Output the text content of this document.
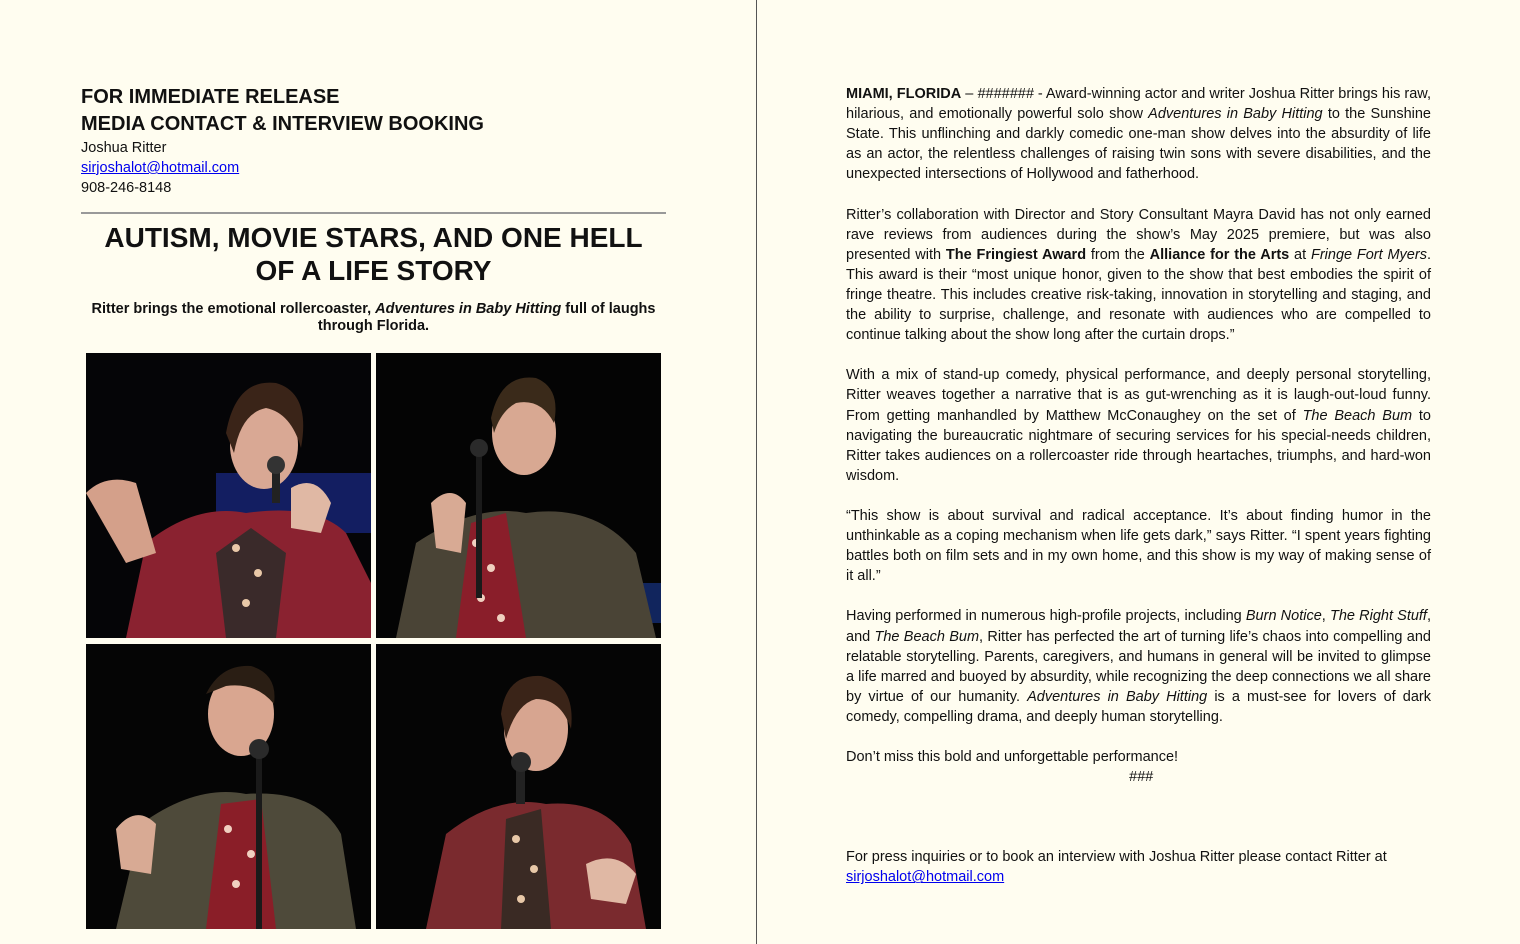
FOR IMMEDIATE RELEASE
MEDIA CONTACT & INTERVIEW BOOKING
Joshua Ritter
sirjoshalot@hotmail.com
908-246-8148
AUTISM, MOVIE STARS, AND ONE HELL OF A LIFE STORY
Ritter brings the emotional rollercoaster, Adventures in Baby Hitting full of laughs through Florida.

MIAMI, FLORIDA – ####### - Award-winning actor and writer Joshua Ritter brings his raw, hilarious, and emotionally powerful solo show Adventures in Baby Hitting to the Sunshine State. This unflinching and darkly comedic one-man show delves into the absurdity of life as an actor, the relentless challenges of raising twin sons with severe disabilities, and the unexpected intersections of Hollywood and fatherhood.

Ritter’s collaboration with Director and Story Consultant Mayra David has not only earned rave reviews from audiences during the show’s May 2025 premiere, but was also presented with The Fringiest Award from the Alliance for the Arts at Fringe Fort Myers. This award is their “most unique honor, given to the show that best embodies the spirit of fringe theatre. This includes creative risk-taking, innovation in storytelling and staging, and the ability to surprise, challenge, and resonate with audiences who are compelled to continue talking about the show long after the curtain drops.”

With a mix of stand-up comedy, physical performance, and deeply personal storytelling, Ritter weaves together a narrative that is as gut-wrenching as it is laugh-out-loud funny. From getting manhandled by Matthew McConaughey on the set of The Beach Bum to navigating the bureaucratic nightmare of securing services for his special-needs children, Ritter takes audiences on a rollercoaster ride through heartaches, triumphs, and hard-won wisdom.

“This show is about survival and radical acceptance. It’s about finding humor in the unthinkable as a coping mechanism when life gets dark,” says Ritter. “I spent years fighting battles both on film sets and in my own home, and this show is my way of making sense of it all.”

Having performed in numerous high-profile projects, including Burn Notice, The Right Stuff, and The Beach Bum, Ritter has perfected the art of turning life’s chaos into compelling and relatable storytelling. Parents, caregivers, and humans in general will be invited to glimpse a life marred and buoyed by absurdity, while recognizing the deep connections we all share by virtue of our humanity. Adventures in Baby Hitting is a must-see for lovers of dark comedy, compelling drama, and deeply human storytelling.

Don’t miss this bold and unforgettable performance!

###

For press inquiries or to book an interview with Joshua Ritter please contact Ritter at

sirjoshalot@hotmail.com
